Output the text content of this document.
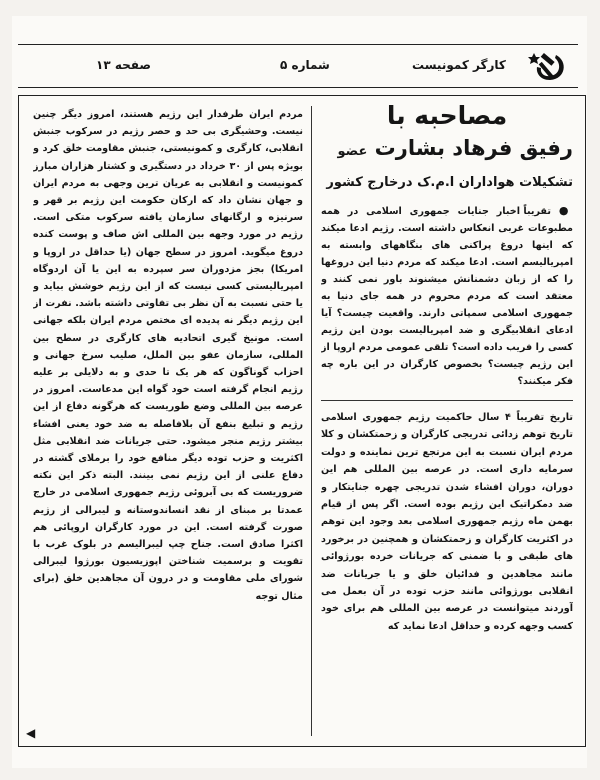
صفحه ۱۳	شماره ۵	کارگر کمونیست

مردم ایران طرفدار این رژیم هستند، امروز دیگر چنین نیست. وحشیگری بی حد و حصر رژیم در سرکوب جنبش انقلابی، کارگری و کمونیستی، جنبش مقاومت خلق کرد و بویژه پس از ۳۰ خرداد در دستگیری و کشتار هزاران مبارز کمونیست و انقلابی به عریان ترین وجهی به مردم ایران و جهان نشان داد که ارکان حکومت این رژیم بر قهر و سرنیزه و ارگانهای سازمان یافته سرکوب متکی است. رژیم در مورد وجهه بین المللی اش صاف و پوست کنده دروغ میگوید. امروز در سطح جهان (یا حداقل در اروپا و امریکا) بجز مزدوران سر سپرده به این یا آن اردوگاه امپریالیستی کسی نیست که از این رژیم خوشش بیاید و یا حتی نسبت به آن نظر بی تفاوتی داشته باشد. نفرت از این رژیم دیگر نه پدیده ای مختص مردم ایران بلکه جهانی است. مونیخ گیری اتحادیه های کارگری در سطح بین المللی، سازمان عفو بین الملل، صلیب سرخ جهانی و احزاب گوناگون که هر یک تا حدی و به دلایلی بر علیه رژیم انجام گرفته است خود گواه این مدعاست. امروز در عرصه بین المللی وضع طوریست که هرگونه دفاع از این رژیم و تبلیغ بنفع آن بلافاصله به ضد خود یعنی افشاء بیشتر رژیم منجر میشود. حتی جریانات ضد انقلابی مثل اکثریت و حزب توده دیگر منافع خود را برملای گشته در دفاع علنی از این رژیم نمی بینند. البته ذکر این نکته ضروریست که بی آبروئی رژیم جمهوری اسلامی در خارج عمدتا بر مبنای از نقد انساندوستانه و لیبرالی از رژیم صورت گرفته است. این در مورد کارگران اروپائی هم اکثرا صادق است. جناح چپ لیبرالیسم در بلوک غرب با تقویت و برسمیت شناختن اپوزیسیون بورژوا لیبرالی شورای ملی مقاومت و در درون آن مجاهدین خلق (برای مثال توجه

مصاحبه با
رفیق فرهاد بشارت عضو
تشکیلات هواداران ا.م.ک درخارج کشور

● تقریباً اخبار جنایات جمهوری اسلامی در همه مطبوعات غربی انعکاس داشته است. رژیم ادعا میکند که اینها دروغ پراکنی های بنگاههای وابسته به امپریالیسم است. ادعا میکند که مردم دنیا این دروغها را که از زبان دشمنانش میشنوند باور نمی کنند و معتقد است که مردم محروم در همه جای دنیا به جمهوری اسلامی سمپاتی دارند. واقعیت چیست؟ آیا ادعای انقلابیگری و ضد امپریالیست بودن این رژیم کسی را فریب داده است؟ تلقی عمومی مردم اروپا از این رژیم چیست؟ بخصوص کارگران در این باره چه فکر میکنند؟

تاریخ تقریباً ۴ سال حاکمیت رژیم جمهوری اسلامی تاریخ توهم زدائی تدریجی کارگران و زحمتکشان و کلا مردم ایران نسبت به این مرتجع ترین نماینده و دولت سرمایه داری است. در عرصه بین المللی هم این دوران، دوران افشاء شدن تدریجی چهره جنایتکار و ضد دمکراتیک این رژیم بوده است. اگر پس از قیام بهمن ماه رژیم جمهوری اسلامی بعد وجود این توهم در اکثریت کارگران و زحمتکشان و همچنین در برخورد های طبقی و با ضمنی که جریانات خرده بورژوائی مانند مجاهدین و فدائیان خلق و یا جریانات ضد انقلابی بورژوائی مانند حزب توده در آن بعمل می آوردند میتوانست در عرصه بین المللی هم برای خود کسب وجهه کرده و حداقل ادعا نماید که

◀
